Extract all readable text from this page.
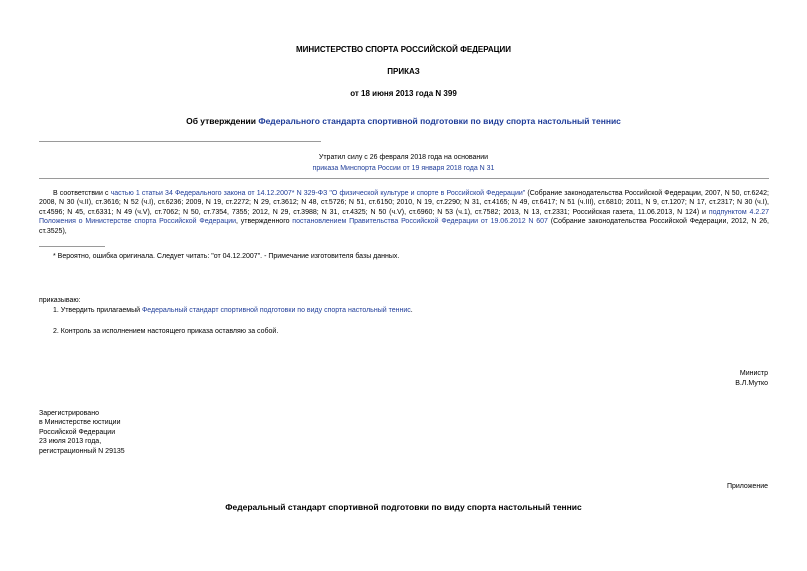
МИНИСТЕРСТВО СПОРТА РОССИЙСКОЙ ФЕДЕРАЦИИ
ПРИКАЗ
от 18 июня 2013 года N 399
Об утверждении Федерального стандарта спортивной подготовки по виду спорта настольный теннис
Утратил силу с 26 февраля 2018 года на основании
приказа Минспорта России от 19 января 2018 года N 31
В соответствии с частью 1 статьи 34 Федерального закона от 14.12.2007* N 329-ФЗ "О физической культуре и спорте в Российской Федерации" (Собрание законодательства Российской Федерации, 2007, N 50, ст.6242; 2008, N 30 (ч.II), ст.3616; N 52 (ч.I), ст.6236; 2009, N 19, ст.2272; N 29, ст.3612; N 48, ст.5726; N 51, ст.6150; 2010, N 19, ст.2290; N 31, ст.4165; N 49, ст.6417; N 51 (ч.III), ст.6810; 2011, N 9, ст.1207; N 17, ст.2317; N 30 (ч.I), ст.4596; N 45, ст.6331; N 49 (ч.V), ст.7062; N 50, ст.7354, 7355; 2012, N 29, ст.3988; N 31, ст.4325; N 50 (ч.V), ст.6960; N 53 (ч.1), ст.7582; 2013, N 13, ст.2331; Российская газета, 11.06.2013, N 124) и подпунктом 4.2.27 Положения о Министерстве спорта Российской Федерации, утвержденного постановлением Правительства Российской Федерации от 19.06.2012 N 607 (Собрание законодательства Российской Федерации, 2012, N 26, ст.3525),
* Вероятно, ошибка оригинала. Следует читать: "от 04.12.2007". - Примечание изготовителя базы данных.
приказываю:
1. Утвердить прилагаемый Федеральный стандарт спортивной подготовки по виду спорта настольный теннис.
2. Контроль за исполнением настоящего приказа оставляю за собой.
Министр
В.Л.Мутко
Зарегистрировано
в Министерстве юстиции
Российской Федерации
23 июля 2013 года,
регистрационный N 29135
Приложение
Федеральный стандарт спортивной подготовки по виду спорта настольный теннис
